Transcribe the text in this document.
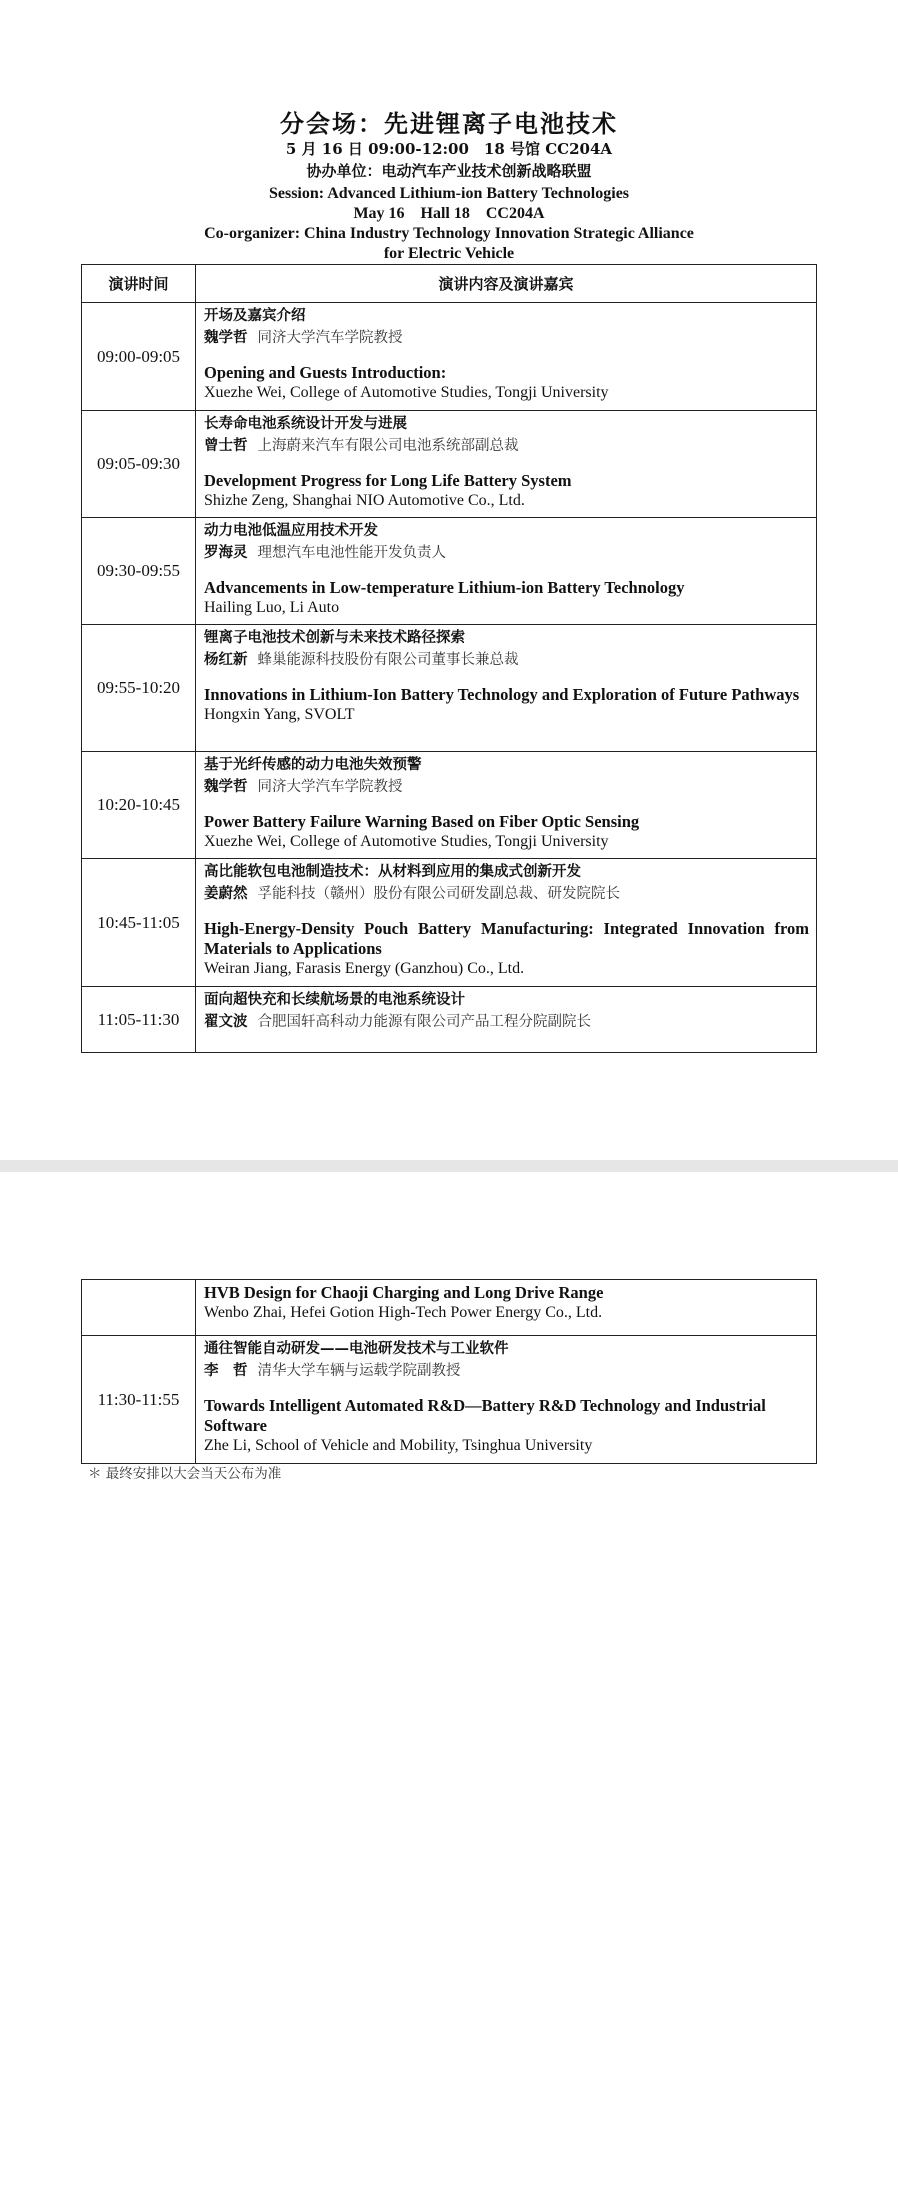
分会场：先进锂离子电池技术
5 月 16 日 09:00-12:00　18 号馆 CC204A
协办单位：电动汽车产业技术创新战略联盟
Session: Advanced Lithium-ion Battery Technologies
May 16　Hall 18　CC204A
Co-organizer: China Industry Technology Innovation Strategic Alliance
for Electric Vehicle
演讲时间	演讲内容及演讲嘉宾
09:00-09:05	开场及嘉宾介绍
魏学哲 同济大学汽车学院教授
Opening and Guests Introduction:
Xuezhe Wei, College of Automotive Studies, Tongji University

09:05-09:30	长寿命电池系统设计开发与进展
曾士哲 上海蔚来汽车有限公司电池系统部副总裁
Development Progress for Long Life Battery System
Shizhe Zeng, Shanghai NIO Automotive Co., Ltd.

09:30-09:55	动力电池低温应用技术开发
罗海灵 理想汽车电池性能开发负责人
Advancements in Low-temperature Lithium-ion Battery Technology
Hailing Luo, Li Auto

09:55-10:20	锂离子电池技术创新与未来技术路径探索
杨红新 蜂巢能源科技股份有限公司董事长兼总裁
Innovations in Lithium-Ion Battery Technology and Exploration of Future Pathways
Hongxin Yang, SVOLT

10:20-10:45	基于光纤传感的动力电池失效预警
魏学哲 同济大学汽车学院教授
Power Battery Failure Warning Based on Fiber Optic Sensing
Xuezhe Wei, College of Automotive Studies, Tongji University

10:45-11:05	高比能软包电池制造技术：从材料到应用的集成式创新开发
姜蔚然 孚能科技（赣州）股份有限公司研发副总裁、研发院院长
High-Energy-Density Pouch Battery Manufacturing: Integrated Innovation from Materials to Applications
Weiran Jiang, Farasis Energy (Ganzhou) Co., Ltd.

11:05-11:30	面向超快充和长续航场景的电池系统设计
翟文波 合肥国轩高科动力能源有限公司产品工程分院副院长

	HVB Design for Chaoji Charging and Long Drive Range
Wenbo Zhai, Hefei Gotion High-Tech Power Energy Co., Ltd.

11:30-11:55	通往智能自动研发——电池研发技术与工业软件
李　哲 清华大学车辆与运载学院副教授
Towards Intelligent Automated R&D—Battery R&D Technology and Industrial Software
Zhe Li, School of Vehicle and Mobility, Tsinghua University
＊ 最终安排以大会当天公布为准
